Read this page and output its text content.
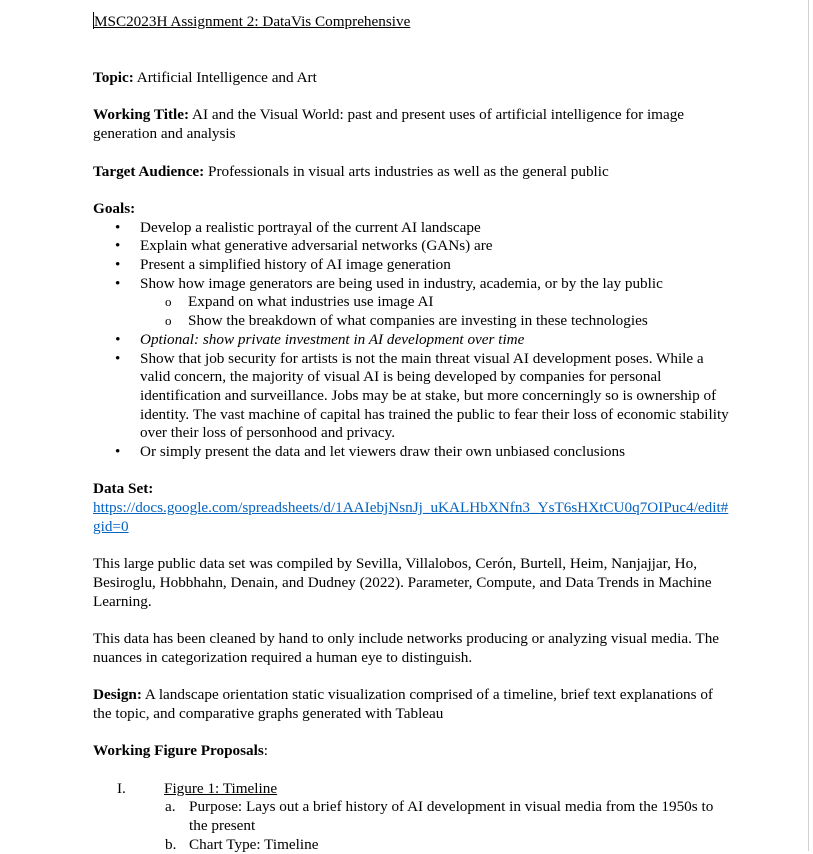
MSC2023H Assignment 2: DataVis Comprehensive

Topic: Artificial Intelligence and Art

Working Title: AI and the Visual World: past and present uses of artificial intelligence for image generation and analysis

Target Audience: Professionals in visual arts industries as well as the general public

Goals:

• Develop a realistic portrayal of the current AI landscape
• Explain what generative adversarial networks (GANs) are
• Present a simplified history of AI image generation
• Show how image generators are being used in industry, academia, or by the lay public
o Expand on what industries use image AI
o Show the breakdown of what companies are investing in these technologies
• Optional: show private investment in AI development over time
• Show that job security for artists is not the main threat visual AI development poses. While a valid concern, the majority of visual AI is being developed by companies for personal identification and surveillance. Jobs may be at stake, but more concerningly so is ownership of identity. The vast machine of capital has trained the public to fear their loss of economic stability over their loss of personhood and privacy.
• Or simply present the data and let viewers draw their own unbiased conclusions

Data Set:

https://docs.google.com/spreadsheets/d/1AAIebjNsnJj_uKALHbXNfn3_YsT6sHXtCU0q7OIPuc4/edit#gid=0

This large public data set was compiled by Sevilla, Villalobos, Cerón, Burtell, Heim, Nanjajjar, Ho, Besiroglu, Hobbhahn, Denain, and Dudney (2022). Parameter, Compute, and Data Trends in Machine Learning.

This data has been cleaned by hand to only include networks producing or analyzing visual media. The nuances in categorization required a human eye to distinguish.

Design: A landscape orientation static visualization comprised of a timeline, brief text explanations of the topic, and comparative graphs generated with Tableau

Working Figure Proposals:

I.	Figure 1: Timeline
a. Purpose: Lays out a brief history of AI development in visual media from the 1950s to the present
b. Chart Type: Timeline
